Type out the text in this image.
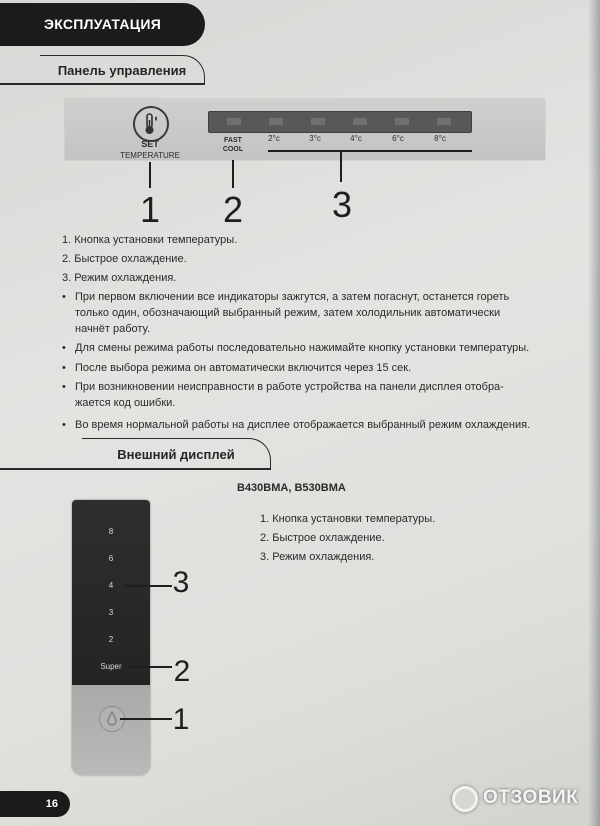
ЭКСПЛУАТАЦИЯ
Панель управления
SET
TEMPERATURE
FAST
COOL
2°c	3°c	4°c	6°c	8°c
1 2 3
1. Кнопка установки температуры.
2. Быстрое охлаждение.
3. Режим охлаждения.
• При первом включении все индикаторы зажгутся, а затем погаснут, останется гореть
только один, обозначающий выбранный режим, затем холодильник автоматически
начнёт работу.
• Для смены режима работы последовательно нажимайте кнопку установки температуры.
• После выбора режима он автоматически включится через 15 сек.
• При возникновении неисправности в работе устройства на панели дисплея отобра-
жается код ошибки.
• Во время нормальной работы на дисплее отображается выбранный режим охлаждения.
Внешний дисплей
B430BMA, B530BMA
1. Кнопка установки температуры.
2. Быстрое охлаждение.
3. Режим охлаждения.
8
6
4
3
2
Super
3
2
1
16	ОТЗОВИК
